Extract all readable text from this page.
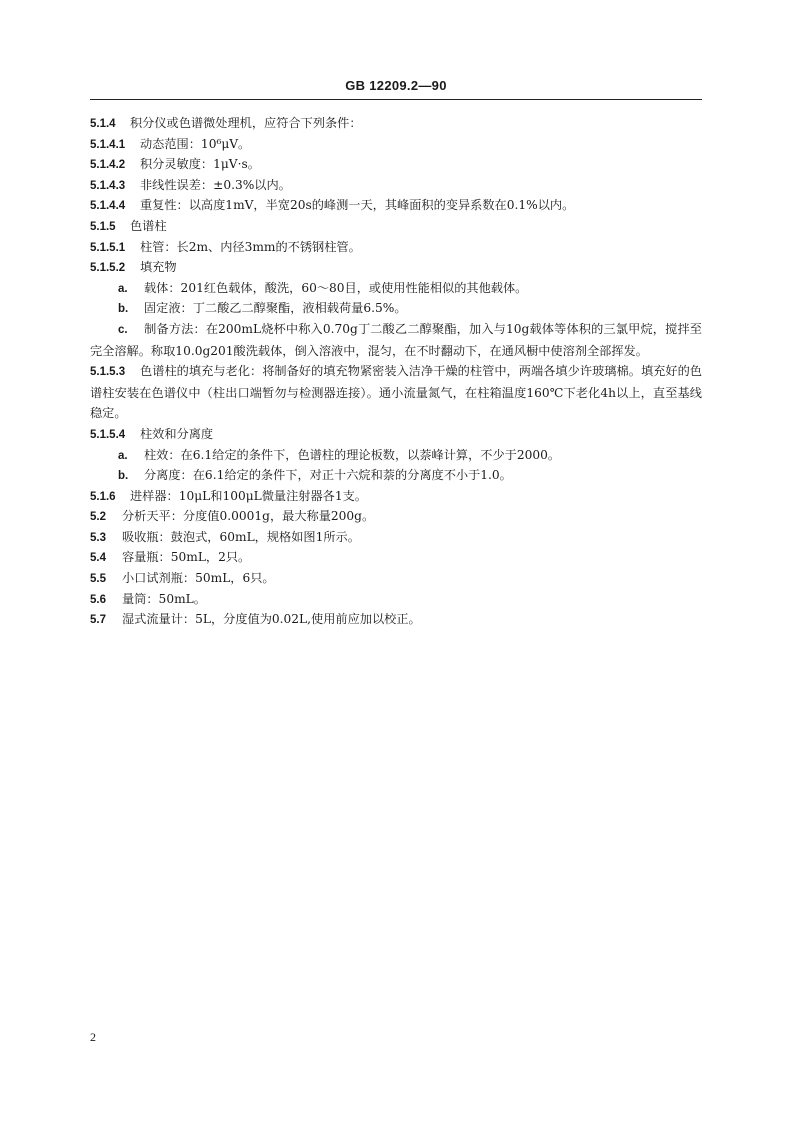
GB 12209.2—90
5.1.4 积分仪或色谱微处理机，应符合下列条件：
5.1.4.1 动态范围：10⁶μV。
5.1.4.2 积分灵敏度：1μV·s。
5.1.4.3 非线性误差：±0.3%以内。
5.1.4.4 重复性：以高度1mV，半宽20s的峰测一天，其峰面积的变异系数在0.1%以内。
5.1.5 色谱柱
5.1.5.1 柱管：长2m、内径3mm的不锈钢柱管。
5.1.5.2 填充物
a. 载体：201红色载体，酸洗，60～80目，或使用性能相似的其他载体。
b. 固定液：丁二酸乙二醇聚酯，液相载荷量6.5%。
c. 制备方法：在200mL烧杯中称入0.70g丁二酸乙二醇聚酯，加入与10g载体等体积的三氯甲烷，搅拌至完全溶解。称取10.0g201酸洗载体，倒入溶液中，混匀，在不时翻动下，在通风橱中使溶剂全部挥发。
5.1.5.3 色谱柱的填充与老化：将制备好的填充物紧密装入洁净干燥的柱管中，两端各填少许玻璃棉。填充好的色谱柱安装在色谱仪中（柱出口端暂勿与检测器连接）。通小流量氮气，在柱箱温度160℃下老化4h以上，直至基线稳定。
5.1.5.4 柱效和分离度
a. 柱效：在6.1给定的条件下，色谱柱的理论板数，以萘峰计算，不少于2000。
b. 分离度：在6.1给定的条件下，对正十六烷和萘的分离度不小于1.0。
5.1.6 进样器：10μL和100μL微量注射器各1支。
5.2 分析天平：分度值0.0001g，最大称量200g。
5.3 吸收瓶：鼓泡式，60mL，规格如图1所示。
5.4 容量瓶：50mL，2只。
5.5 小口试剂瓶：50mL，6只。
5.6 量筒：50mL。
5.7 湿式流量计：5L，分度值为0.02L,使用前应加以校正。
2
